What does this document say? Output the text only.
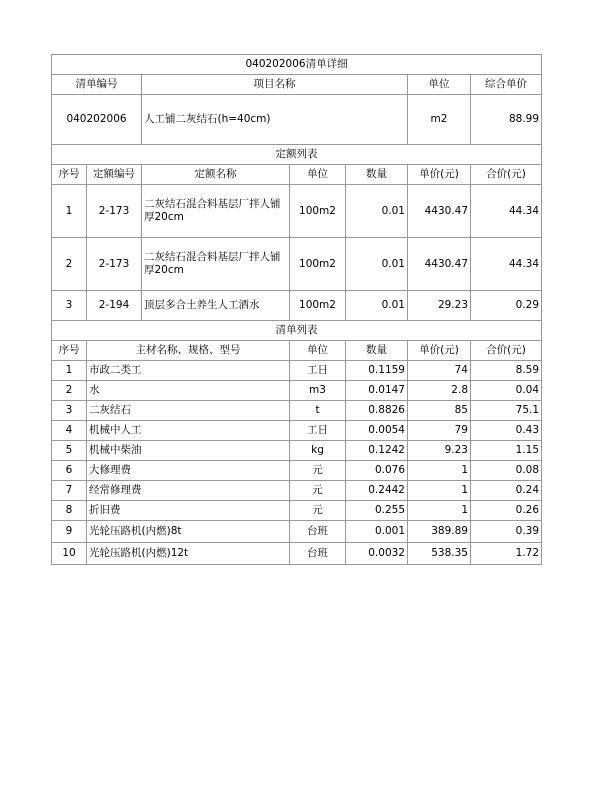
040202006清单详细						
清单编号		项目名称			单位	综合单价
040202006		人工铺二灰结石(h=40cm)			m2	88.99
定额列表						
序号	定额编号	定额名称	单位	数量	单价(元)	合价(元)
1	2-173	二灰结石混合料基层厂拌人铺 厚20cm	100m2	0.01	4430.47	44.34
2	2-173	二灰结石混合料基层厂拌人铺 厚20cm	100m2	0.01	4430.47	44.34
3	2-194	顶层多合土养生人工洒水	100m2	0.01	29.23	0.29
清单列表						
序号	主材名称、规格、型号		单位	数量	单价(元)	合价(元)
1	市政二类工		工日	0.1159	74	8.59
2	水		m3	0.0147	2.8	0.04
3	二灰结石		t	0.8826	85	75.1
4	机械中人工		工日	0.0054	79	0.43
5	机械中柴油		kg	0.1242	9.23	1.15
6	大修理费		元	0.076	1	0.08
7	经常修理费		元	0.2442	1	0.24
8	折旧费		元	0.255	1	0.26
9	光轮压路机(内燃)8t		台班	0.001	389.89	0.39
10	光轮压路机(内燃)12t		台班	0.0032	538.35	1.72
